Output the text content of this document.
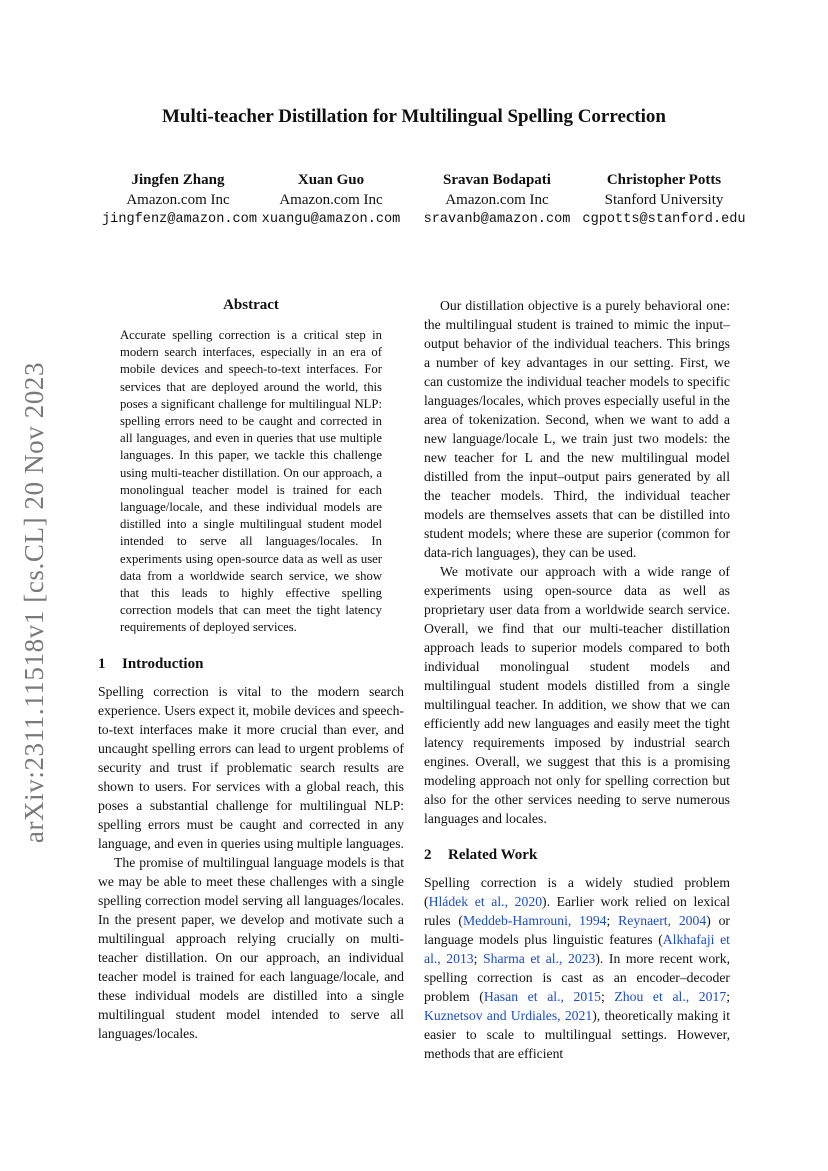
arXiv:2311.11518v1 [cs.CL] 20 Nov 2023
Multi-teacher Distillation for Multilingual Spelling Correction
Jingfen Zhang
Amazon.com Inc
jingfenz@amazon.com
Xuan Guo
Amazon.com Inc
xuangu@amazon.com
Sravan Bodapati
Amazon.com Inc
sravanb@amazon.com
Christopher Potts
Stanford University
cgpotts@stanford.edu
Abstract
Accurate spelling correction is a critical step in modern search interfaces, especially in an era of mobile devices and speech-to-text interfaces. For services that are deployed around the world, this poses a significant challenge for multilingual NLP: spelling errors need to be caught and corrected in all languages, and even in queries that use multiple languages. In this paper, we tackle this challenge using multi-teacher distillation. On our approach, a monolingual teacher model is trained for each language/locale, and these individual models are distilled into a single multilingual student model intended to serve all languages/locales. In experiments using open-source data as well as user data from a worldwide search service, we show that this leads to highly effective spelling correction models that can meet the tight latency requirements of deployed services.
1 Introduction

Spelling correction is vital to the modern search experience. Users expect it, mobile devices and speech-to-text interfaces make it more crucial than ever, and uncaught spelling errors can lead to urgent problems of security and trust if problematic search results are shown to users. For services with a global reach, this poses a substantial challenge for multilingual NLP: spelling errors must be caught and corrected in any language, and even in queries using multiple languages.

The promise of multilingual language models is that we may be able to meet these challenges with a single spelling correction model serving all languages/locales. In the present paper, we develop and motivate such a multilingual approach relying crucially on multi-teacher distillation. On our approach, an individual teacher model is trained for each language/locale, and these individual models are distilled into a single multilingual student model intended to serve all languages/locales.

Our distillation objective is a purely behavioral one: the multilingual student is trained to mimic the input–output behavior of the individual teachers. This brings a number of key advantages in our setting. First, we can customize the individual teacher models to specific languages/locales, which proves especially useful in the area of tokenization. Second, when we want to add a new language/locale L, we train just two models: the new teacher for L and the new multilingual model distilled from the input–output pairs generated by all the teacher models. Third, the individual teacher models are themselves assets that can be distilled into student models; where these are superior (common for data-rich languages), they can be used.

We motivate our approach with a wide range of experiments using open-source data as well as proprietary user data from a worldwide search service. Overall, we find that our multi-teacher distillation approach leads to superior models compared to both individual monolingual student models and multilingual student models distilled from a single multilingual teacher. In addition, we show that we can efficiently add new languages and easily meet the tight latency requirements imposed by industrial search engines. Overall, we suggest that this is a promising modeling approach not only for spelling correction but also for the other services needing to serve numerous languages and locales.

2 Related Work

Spelling correction is a widely studied problem (Hládek et al., 2020). Earlier work relied on lexical rules (Meddeb-Hamrouni, 1994; Reynaert, 2004) or language models plus linguistic features (Alkhafaji et al., 2013; Sharma et al., 2023). In more recent work, spelling correction is cast as an encoder–decoder problem (Hasan et al., 2015; Zhou et al., 2017; Kuznetsov and Urdiales, 2021), theoretically making it easier to scale to multilingual settings. However, methods that are efficient
